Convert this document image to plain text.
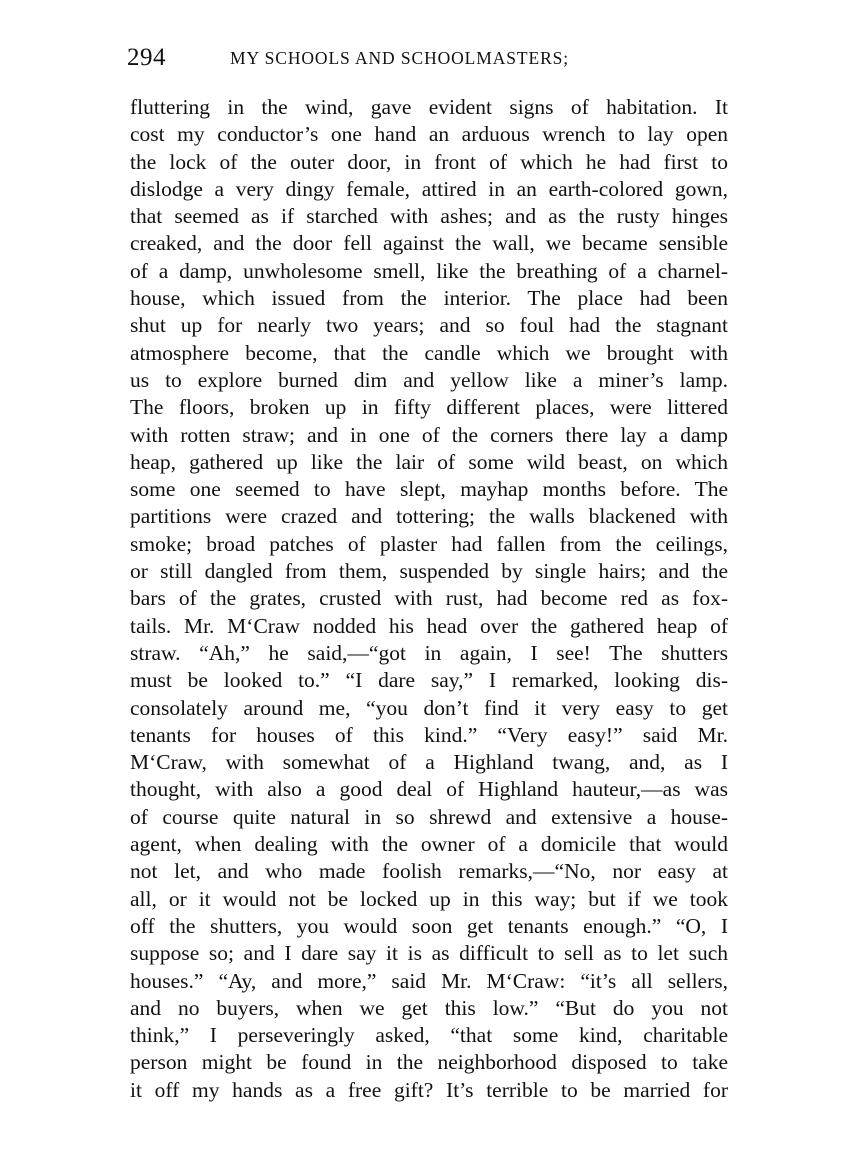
294	MY SCHOOLS AND SCHOOLMASTERS;
fluttering in the wind, gave evident signs of habitation. It
cost my conductor’s one hand an arduous wrench to lay open
the lock of the outer door, in front of which he had first to
dislodge a very dingy female, attired in an earth-colored gown,
that seemed as if starched with ashes; and as the rusty hinges
creaked, and the door fell against the wall, we became sensible
of a damp, unwholesome smell, like the breathing of a charnel-
house, which issued from the interior. The place had been
shut up for nearly two years; and so foul had the stagnant
atmosphere become, that the candle which we brought with
us to explore burned dim and yellow like a miner’s lamp.
The floors, broken up in fifty different places, were littered
with rotten straw; and in one of the corners there lay a damp
heap, gathered up like the lair of some wild beast, on which
some one seemed to have slept, mayhap months before. The
partitions were crazed and tottering; the walls blackened with
smoke; broad patches of plaster had fallen from the ceilings,
or still dangled from them, suspended by single hairs; and the
bars of the grates, crusted with rust, had become red as fox-
tails. Mr. M‘Craw nodded his head over the gathered heap of
straw. “Ah,” he said,—“got in again, I see! The shutters
must be looked to.” “I dare say,” I remarked, looking dis-
consolately around me, “you don’t find it very easy to get
tenants for houses of this kind.” “Very easy!” said Mr.
M‘Craw, with somewhat of a Highland twang, and, as I
thought, with also a good deal of Highland hauteur,—as was
of course quite natural in so shrewd and extensive a house-
agent, when dealing with the owner of a domicile that would
not let, and who made foolish remarks,—“No, nor easy at
all, or it would not be locked up in this way; but if we took
off the shutters, you would soon get tenants enough.” “O, I
suppose so; and I dare say it is as difficult to sell as to let such
houses.” “Ay, and more,” said Mr. M‘Craw: “it’s all sellers,
and no buyers, when we get this low.” “But do you not
think,” I perseveringly asked, “that some kind, charitable
person might be found in the neighborhood disposed to take
it off my hands as a free gift? It’s terrible to be married for
